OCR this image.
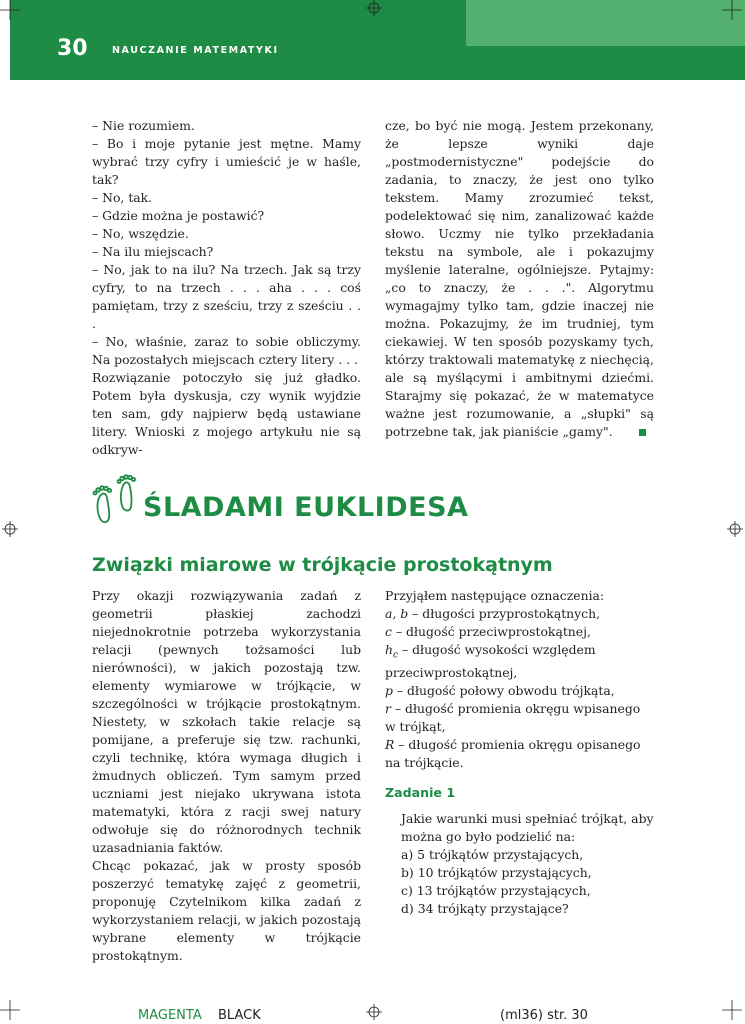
30	NAUCZANIE MATEMATYKI

– Nie rozumiem.

– Bo i moje pytanie jest mętne. Mamy wybrać trzy cyfry i umieścić je w haśle, tak?

– No, tak.

– Gdzie można je postawić?

– No, wszędzie.

– Na ilu miejscach?

– No, jak to na ilu? Na trzech. Jak są trzy cyfry, to na trzech . . . aha . . . coś pamiętam, trzy z sześciu, trzy z sześciu . . .

– No, właśnie, zaraz to sobie obliczymy. Na pozostałych miejscach cztery litery . . .

Rozwiązanie potoczyło się już gładko. Potem była dyskusja, czy wynik wyjdzie ten sam, gdy najpierw będą ustawiane litery. Wnioski z mojego artykułu nie są odkryw-

cze, bo być nie mogą. Jestem przekonany, że lepsze wyniki daje „postmodernistyczne" podejście do zadania, to znaczy, że jest ono tylko tekstem. Mamy zrozumieć tekst, podelektować się nim, zanalizować każde słowo. Uczmy nie tylko przekładania tekstu na symbole, ale i pokazujmy myślenie lateralne, ogólniejsze. Pytajmy: „co to znaczy, że . . .". Algorytmu wymagajmy tylko tam, gdzie inaczej nie można. Pokazujmy, że im trudniej, tym ciekawiej. W ten sposób pozyskamy tych, którzy traktowali matematykę z niechęcią, ale są myślącymi i ambitnymi dziećmi. Starajmy się pokazać, że w matematyce ważne jest rozumowanie, a „słupki" są potrzebne tak, jak pianiście „gamy".

ŚLADAMI EUKLIDESA
Związki miarowe w trójkącie prostokątnym

Przy okazji rozwiązywania zadań z geometrii płaskiej zachodzi niejednokrotnie potrzeba wykorzystania relacji (pewnych tożsamości lub nierówności), w jakich pozostają tzw. elementy wymiarowe w trójkącie, w szczególności w trójkącie prostokątnym. Niestety, w szkołach takie relacje są pomijane, a preferuje się tzw. rachunki, czyli technikę, która wymaga długich i żmudnych obliczeń. Tym samym przed uczniami jest niejako ukrywana istota matematyki, która z racji swej natury odwołuje się do różnorodnych technik uzasadniania faktów.

Chcąc pokazać, jak w prosty sposób poszerzyć tematykę zajęć z geometrii, proponuję Czytelnikom kilka zadań z wykorzystaniem relacji, w jakich pozostają wybrane elementy w trójkącie prostokątnym.

Przyjąłem następujące oznaczenia:

a, b – długości przyprostokątnych,

c – długość przeciwprostokątnej,

$h_c$ – długość wysokości względem przeciwprostokątnej,

p – długość połowy obwodu trójkąta,

r – długość promienia okręgu wpisanego w trójkąt,

R – długość promienia okręgu opisanego na trójkącie.

Zadanie 1

Jakie warunki musi spełniać trójkąt, aby można go było podzielić na:

a) 5 trójkątów przystających,

b) 10 trójkątów przystających,

c) 13 trójkątów przystających,

d) 34 trójkąty przystające?

MAGENTA BLACK	(ml36) str. 30
